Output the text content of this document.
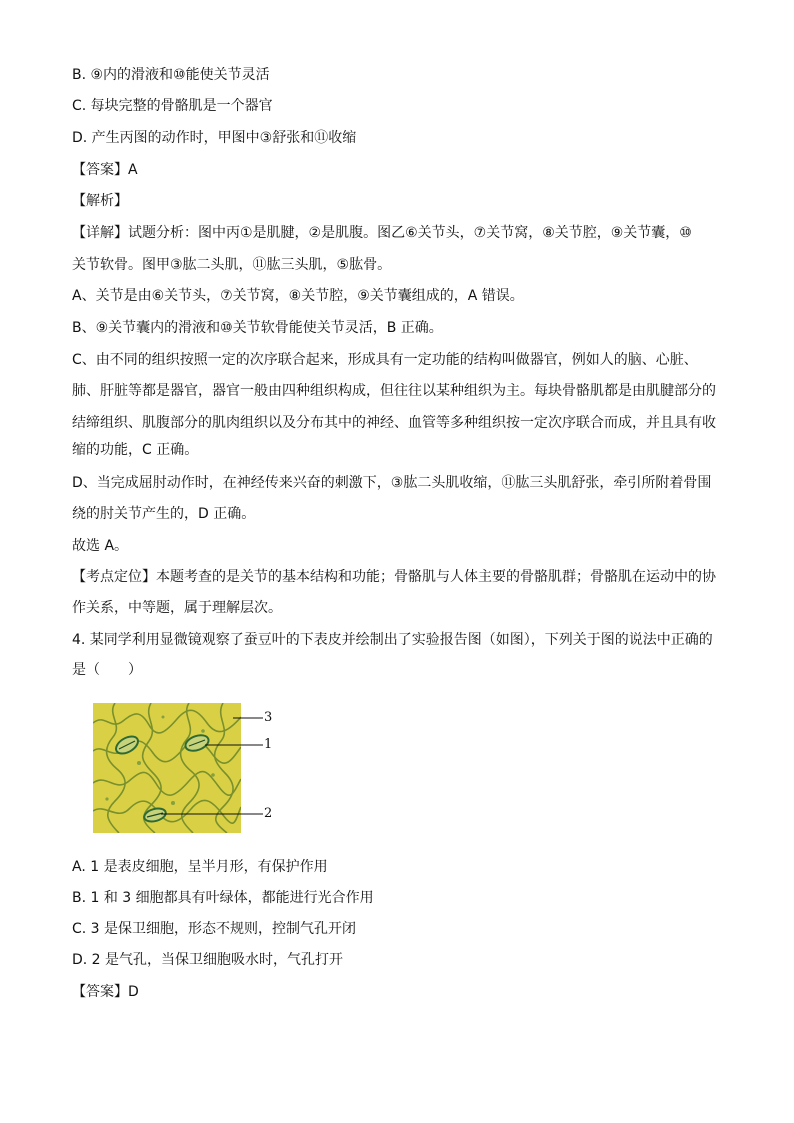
B. ⑨内的滑液和⑩能使关节灵活
C. 每块完整的骨骼肌是一个器官
D. 产生丙图的动作时，甲图中③舒张和⑪收缩
【答案】A
【解析】
【详解】试题分析：图中丙①是肌腱，②是肌腹。图乙⑥关节头，⑦关节窝，⑧关节腔，⑨关节囊，⑩
关节软骨。图甲③肱二头肌，⑪肱三头肌，⑤肱骨。
A、关节是由⑥关节头，⑦关节窝，⑧关节腔，⑨关节囊组成的，A 错误。
B、⑨关节囊内的滑液和⑩关节软骨能使关节灵活，B 正确。
C、由不同的组织按照一定的次序联合起来，形成具有一定功能的结构叫做器官，例如人的脑、心脏、
肺、肝脏等都是器官，器官一般由四种组织构成，但往往以某种组织为主。每块骨骼肌都是由肌腱部分的
结缔组织、肌腹部分的肌肉组织以及分布其中的神经、血管等多种组织按一定次序联合而成，并且具有收
缩的功能，C 正确。
D、当完成屈肘动作时，在神经传来兴奋的刺激下，③肱二头肌收缩，⑪肱三头肌舒张，牵引所附着骨围
绕的肘关节产生的，D 正确。
故选 A。
【考点定位】本题考查的是关节的基本结构和功能；骨骼肌与人体主要的骨骼肌群；骨骼肌在运动中的协
作关系，中等题，属于理解层次。
4. 某同学利用显微镜观察了蚕豆叶的下表皮并绘制出了实验报告图（如图），下列关于图的说法中正确的
是（　　）
3
1
2
A. 1 是表皮细胞，呈半月形，有保护作用
B. 1 和 3 细胞都具有叶绿体，都能进行光合作用
C. 3 是保卫细胞，形态不规则，控制气孔开闭
D. 2 是气孔，当保卫细胞吸水时，气孔打开
【答案】D
